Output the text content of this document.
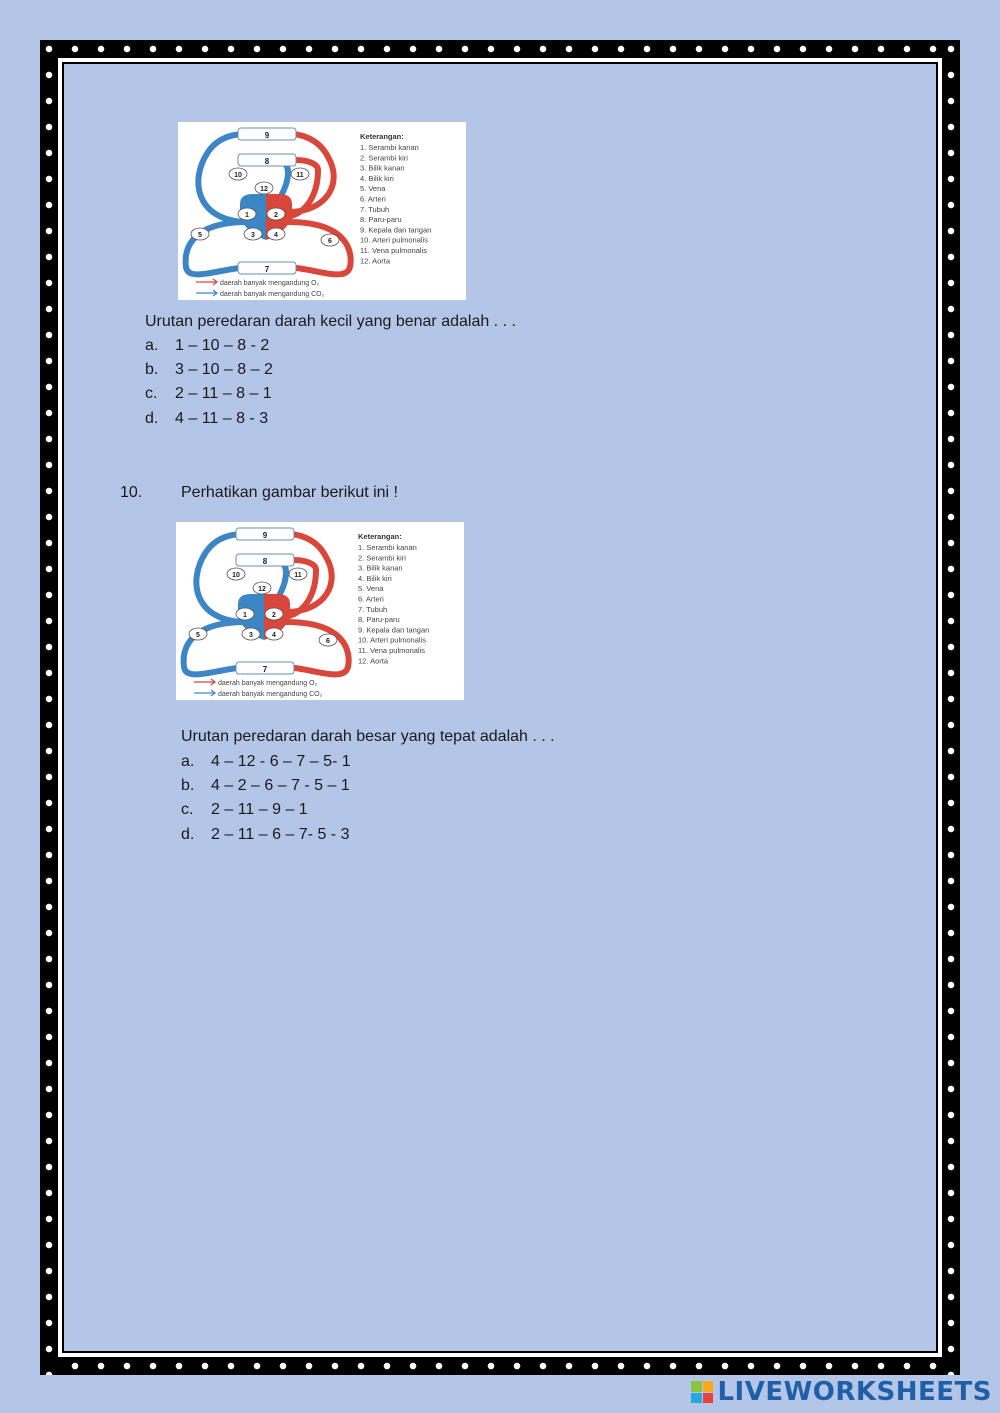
9
8
7
10	11
12
1	2
3	4
5
6
Keterangan:
1. Serambi kanan
2. Serambi kiri
3. Bilik kanan
4. Bilik kiri
5. Vena
6. Arteri
7. Tubuh
8. Paru-paru
9. Kepala dan tangan
10. Arteri pulmonalis
11. Vena pulmonalis
12. Aorta
daerah banyak mengandung O₂
daerah banyak mengandung CO₂
Urutan peredaran darah kecil yang benar adalah . . .
a. 1 – 10 – 8 - 2
b. 3 – 10 – 8 – 2
c. 2 – 11 – 8 – 1
d. 4 – 11 – 8 - 3
10. Perhatikan gambar berikut ini !
9
8
7
10	11
12
1	2
3	4
5
6
Keterangan:
1. Serambi kanan
2. Serambi kiri
3. Bilik kanan
4. Bilik kiri
5. Vena
6. Arteri
7. Tubuh
8. Paru-paru
9. Kepala dan tangan
10. Arteri pulmonalis
11. Vena pulmonalis
12. Aorta
daerah banyak mengandung O₂
daerah banyak mengandung CO₂
Urutan peredaran darah besar yang tepat adalah . . .
a. 4 – 12 - 6 – 7 – 5- 1
b. 4 – 2 – 6 – 7 - 5 – 1
c. 2 – 11 – 9 – 1
d. 2 – 11 – 6 – 7- 5 - 3
LIVEWORKSHEETS
